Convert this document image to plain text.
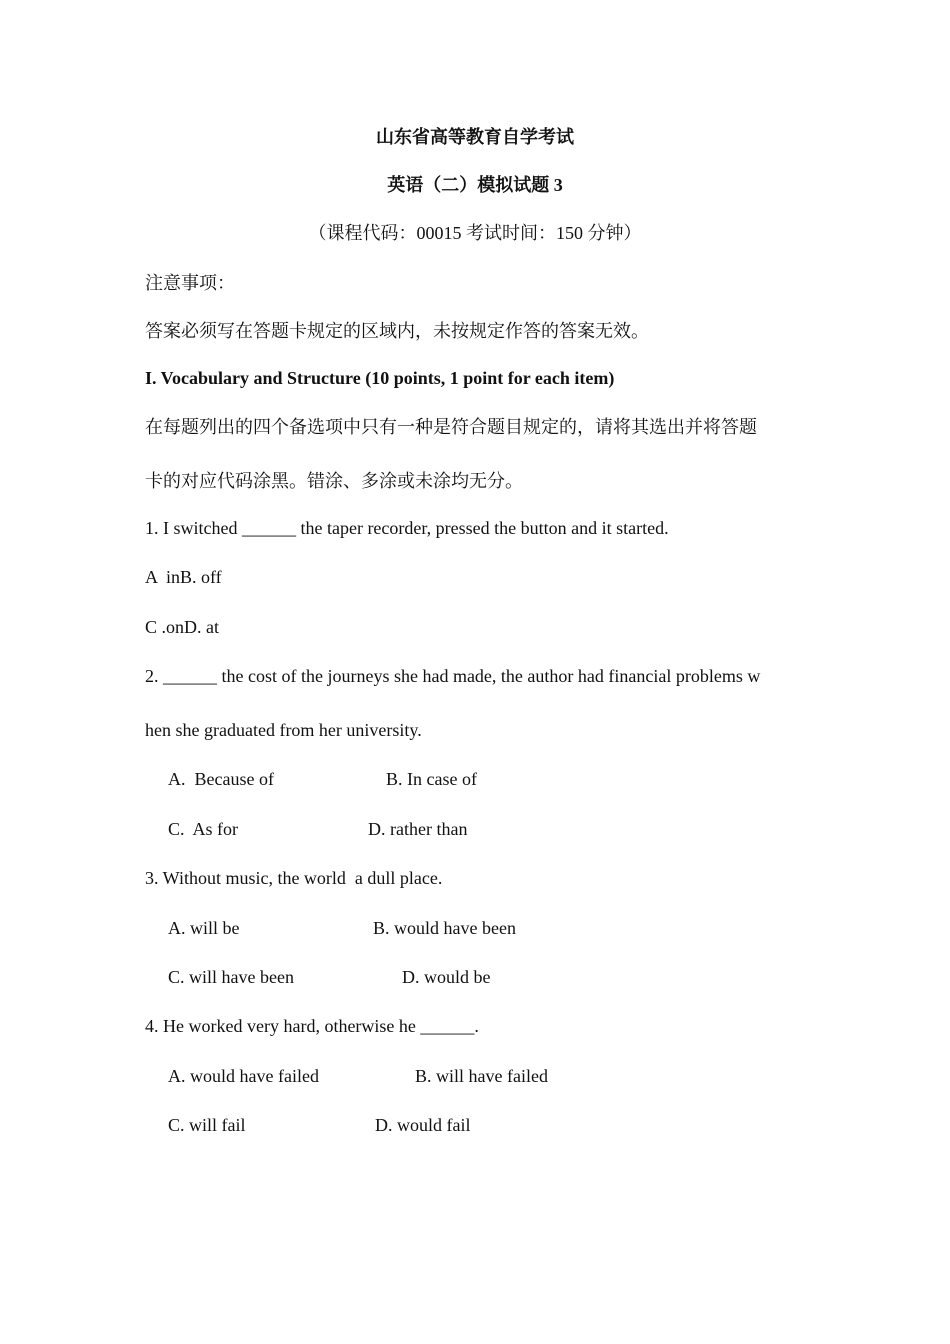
山东省高等教育自学考试
英语（二）模拟试题 3
（课程代码：00015 考试时间：150 分钟）
注意事项：
答案必须写在答题卡规定的区域内，未按规定作答的答案无效。
I. Vocabulary and Structure (10 points, 1 point for each item)
在每题列出的四个备选项中只有一种是符合题目规定的，请将其选出并将答题
卡的对应代码涂黑。错涂、多涂或未涂均无分。
1. I switched ______ the taper recorder, pressed the button and it started.
A  inB. off
C .onD. at
2. ______ the cost of the journeys she had made, the author had financial problems w
hen she graduated from her university.
A.  Because of	B. In case of
C.  As for	D. rather than
3. Without music, the world  a dull place.
A. will be	B. would have been
C. will have been	D. would be
4. He worked very hard, otherwise he ______.
A. would have failed	B. will have failed
C. will fail	D. would fail
